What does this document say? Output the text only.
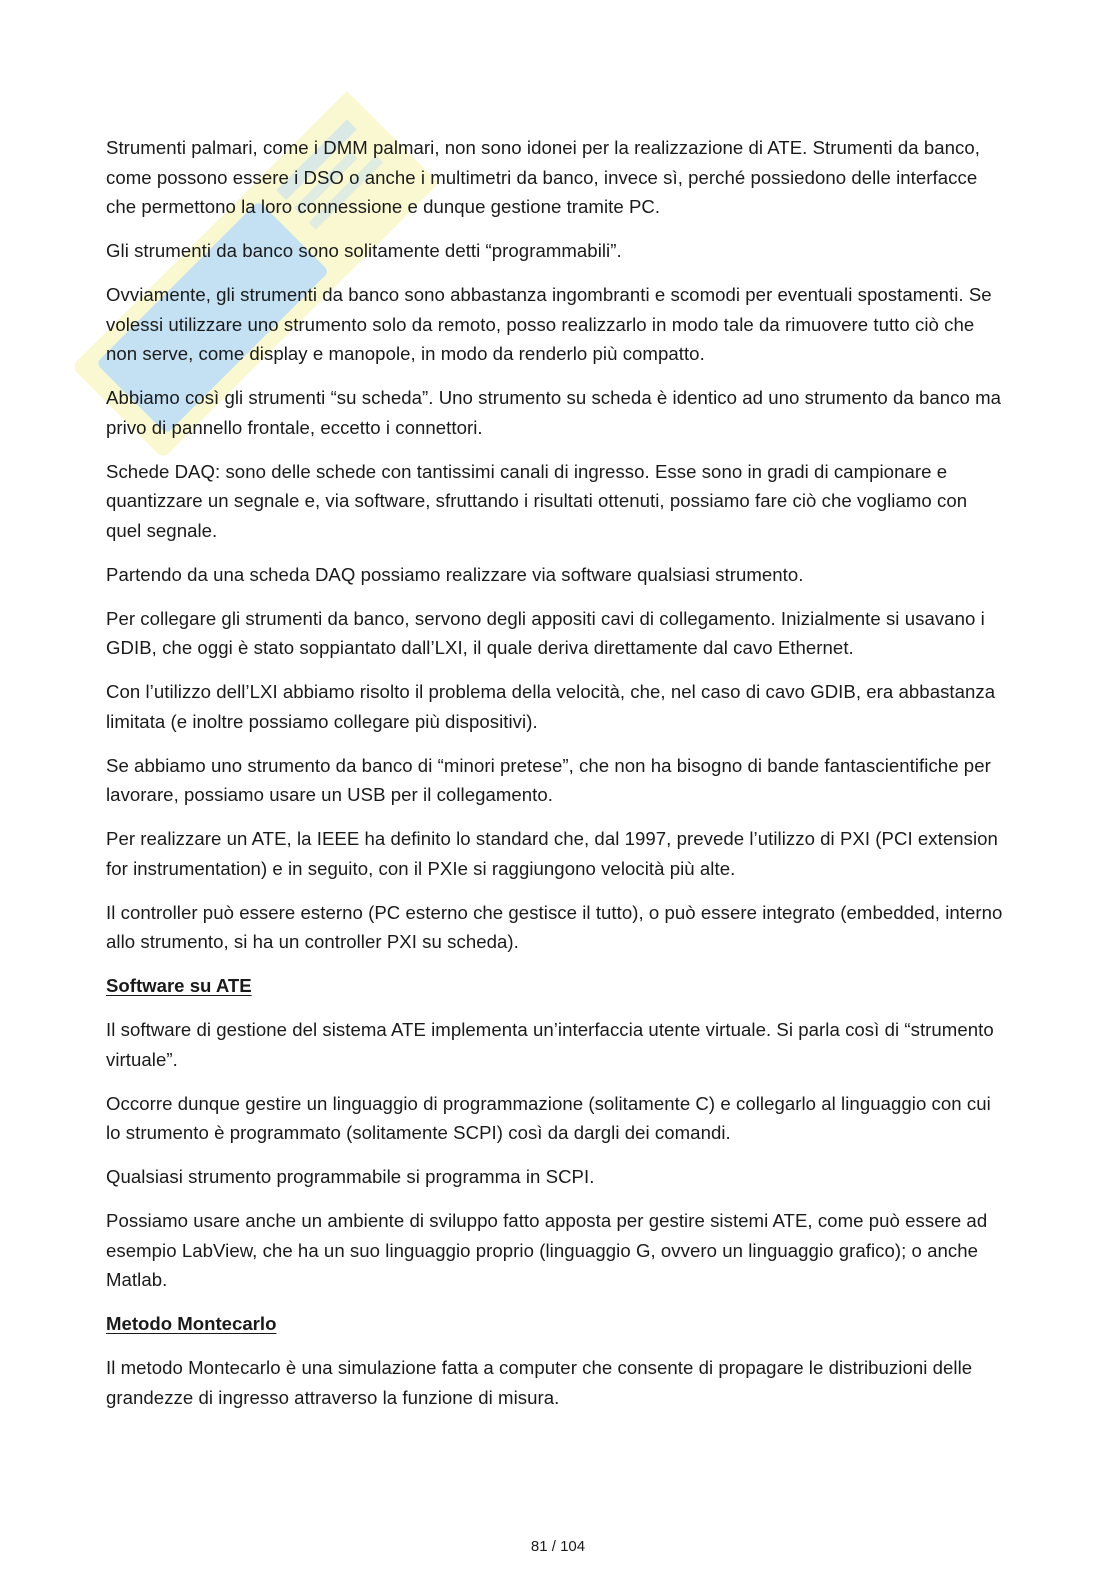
Strumenti palmari, come i DMM palmari, non sono idonei per la realizzazione di ATE. Strumenti da banco, come possono essere i DSO o anche i multimetri da banco, invece sì, perché possiedono delle interfacce che permettono la loro connessione e dunque gestione tramite PC.

Gli strumenti da banco sono solitamente detti “programmabili”.

Ovviamente, gli strumenti da banco sono abbastanza ingombranti e scomodi per eventuali spostamenti. Se volessi utilizzare uno strumento solo da remoto, posso realizzarlo in modo tale da rimuovere tutto ciò che non serve, come display e manopole, in modo da renderlo più compatto.

Abbiamo così gli strumenti “su scheda”. Uno strumento su scheda è identico ad uno strumento da banco ma privo di pannello frontale, eccetto i connettori.

Schede DAQ: sono delle schede con tantissimi canali di ingresso. Esse sono in gradi di campionare e quantizzare un segnale e, via software, sfruttando i risultati ottenuti, possiamo fare ciò che vogliamo con quel segnale.

Partendo da una scheda DAQ possiamo realizzare via software qualsiasi strumento.

Per collegare gli strumenti da banco, servono degli appositi cavi di collegamento. Inizialmente si usavano i GDIB, che oggi è stato soppiantato dall’LXI, il quale deriva direttamente dal cavo Ethernet.

Con l’utilizzo dell’LXI abbiamo risolto il problema della velocità, che, nel caso di cavo GDIB, era abbastanza limitata (e inoltre possiamo collegare più dispositivi).

Se abbiamo uno strumento da banco di “minori pretese”, che non ha bisogno di bande fantascientifiche per lavorare, possiamo usare un USB per il collegamento.

Per realizzare un ATE, la IEEE ha definito lo standard che, dal 1997, prevede l’utilizzo di PXI (PCI extension for instrumentation) e in seguito, con il PXIe si raggiungono velocità più alte.

Il controller può essere esterno (PC esterno che gestisce il tutto), o può essere integrato (embedded, interno allo strumento, si ha un controller PXI su scheda).

Software su ATE

Il software di gestione del sistema ATE implementa un’interfaccia utente virtuale. Si parla così di “strumento virtuale”.

Occorre dunque gestire un linguaggio di programmazione (solitamente C) e collegarlo al linguaggio con cui lo strumento è programmato (solitamente SCPI) così da dargli dei comandi.

Qualsiasi strumento programmabile si programma in SCPI.

Possiamo usare anche un ambiente di sviluppo fatto apposta per gestire sistemi ATE, come può essere ad esempio LabView, che ha un suo linguaggio proprio (linguaggio G, ovvero un linguaggio grafico); o anche Matlab.

Metodo Montecarlo

Il metodo Montecarlo è una simulazione fatta a computer che consente di propagare le distribuzioni delle grandezze di ingresso attraverso la funzione di misura.

81 / 104
